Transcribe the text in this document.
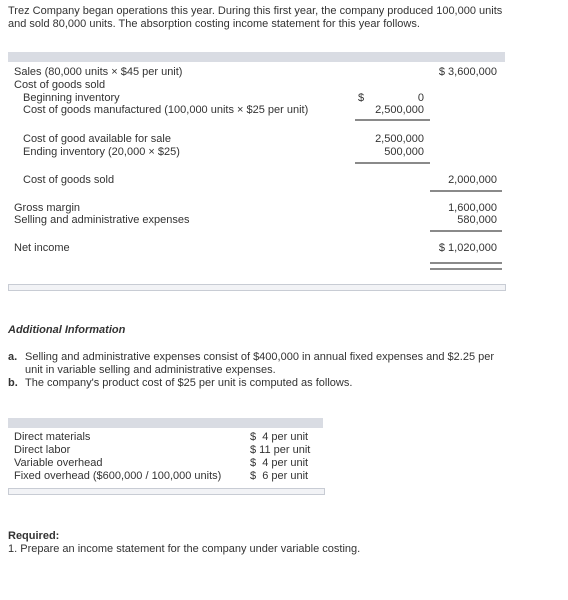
Trez Company began operations this year. During this first year, the company produced 100,000 units
and sold 80,000 units. The absorption costing income statement for this year follows.
Sales (80,000 units × $45 per unit)	$ 3,600,000
Cost of goods sold
Beginning inventory	$	0
Cost of goods manufactured (100,000 units × $25 per unit)	2,500,000
Cost of good available for sale	2,500,000
Ending inventory (20,000 × $25)	500,000
Cost of goods sold	2,000,000
Gross margin	1,600,000
Selling and administrative expenses	580,000
Net income	$ 1,020,000
Additional Information
a. Selling and administrative expenses consist of $400,000 in annual fixed expenses and $2.25 per
unit in variable selling and administrative expenses.
b. The company's product cost of $25 per unit is computed as follows.
Direct materials	$  4 per unit
Direct labor	$ 11 per unit
Variable overhead	$  4 per unit
Fixed overhead ($600,000 / 100,000 units)	$  6 per unit
Required:
1. Prepare an income statement for the company under variable costing.
